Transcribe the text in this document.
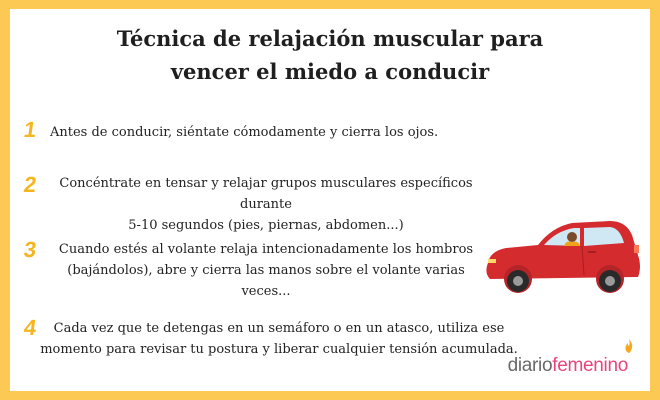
Técnica de relajación muscular para
vencer el miedo a conducir
1 Antes de conducir, siéntate cómodamente y cierra los ojos.
2	Concéntrate en tensar y relajar grupos musculares específicos durante
5-10 segundos (pies, piernas, abdomen...)
3	Cuando estés al volante relaja intencionadamente los hombros
(bajándolos), abre y cierra las manos sobre el volante varias
veces...
4	Cada vez que te detengas en un semáforo o en un atasco, utiliza ese
momento para revisar tu postura y liberar cualquier tensión acumulada.
diariofemenino
